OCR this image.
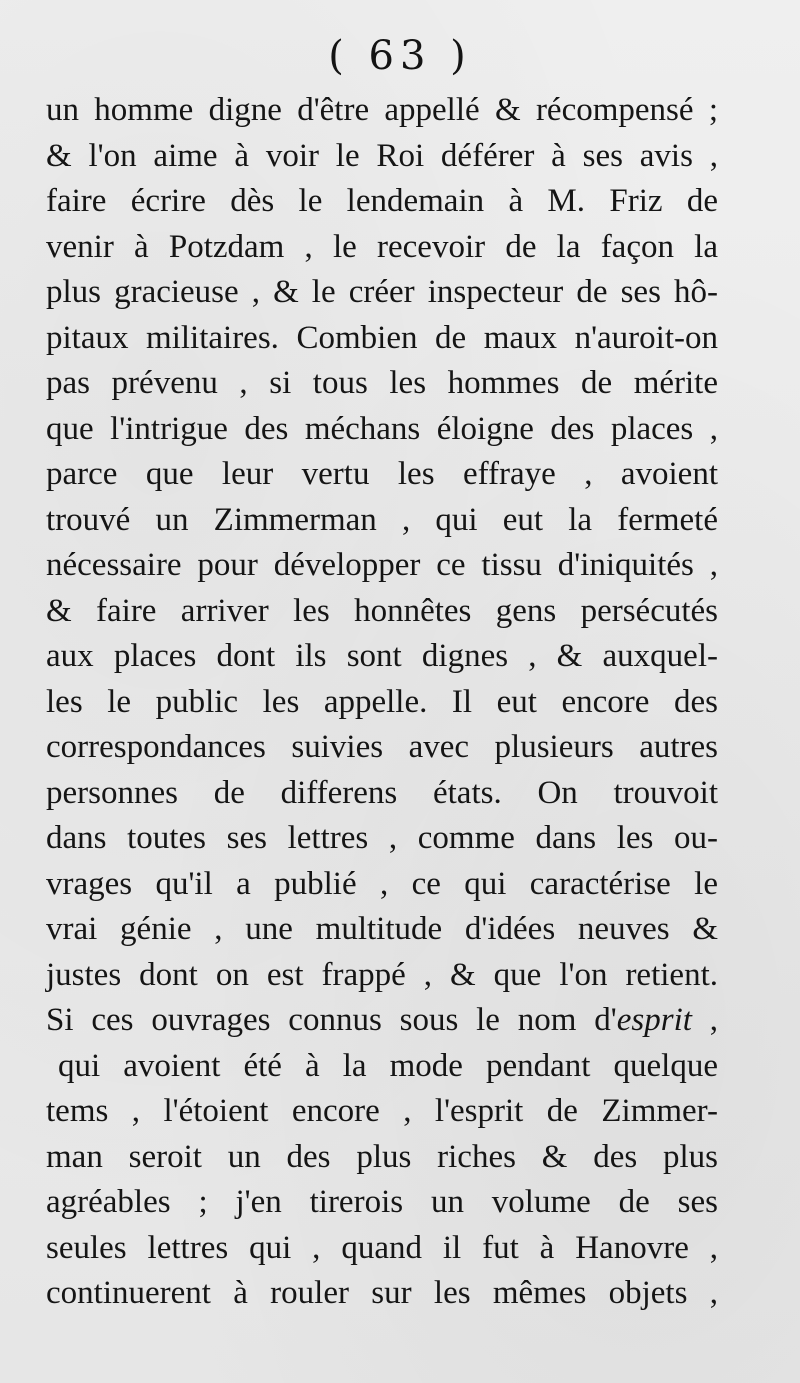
( 63 )
un homme digne d'être appellé & récompensé ;
& l'on aime à voir le Roi déférer à ses avis ,
faire écrire dès le lendemain à M. Friz de
venir à Potzdam , le recevoir de la façon la
plus gracieuse , & le créer inspecteur de ses hô-
pitaux militaires. Combien de maux n'auroit-on
pas prévenu , si tous les hommes de mérite
que l'intrigue des méchans éloigne des places ,
parce que leur vertu les effraye , avoient
trouvé un Zimmerman , qui eut la fermeté
nécessaire pour développer ce tissu d'iniquités ,
& faire arriver les honnêtes gens persécutés
aux places dont ils sont dignes , & auxquel-
les le public les appelle. Il eut encore des
correspondances suivies avec plusieurs autres
personnes de differens états. On trouvoit
dans toutes ses lettres , comme dans les ou-
vrages qu'il a publié , ce qui caractérise le
vrai génie , une multitude d'idées neuves &
justes dont on est frappé , & que l'on retient.
Si ces ouvrages connus sous le nom d'esprit ,
qui avoient été à la mode pendant quelque
tems , l'étoient encore , l'esprit de Zimmer-
man seroit un des plus riches & des plus
agréables ; j'en tirerois un volume de ses
seules lettres qui , quand il fut à Hanovre ,
continuerent à rouler sur les mêmes objets ,
